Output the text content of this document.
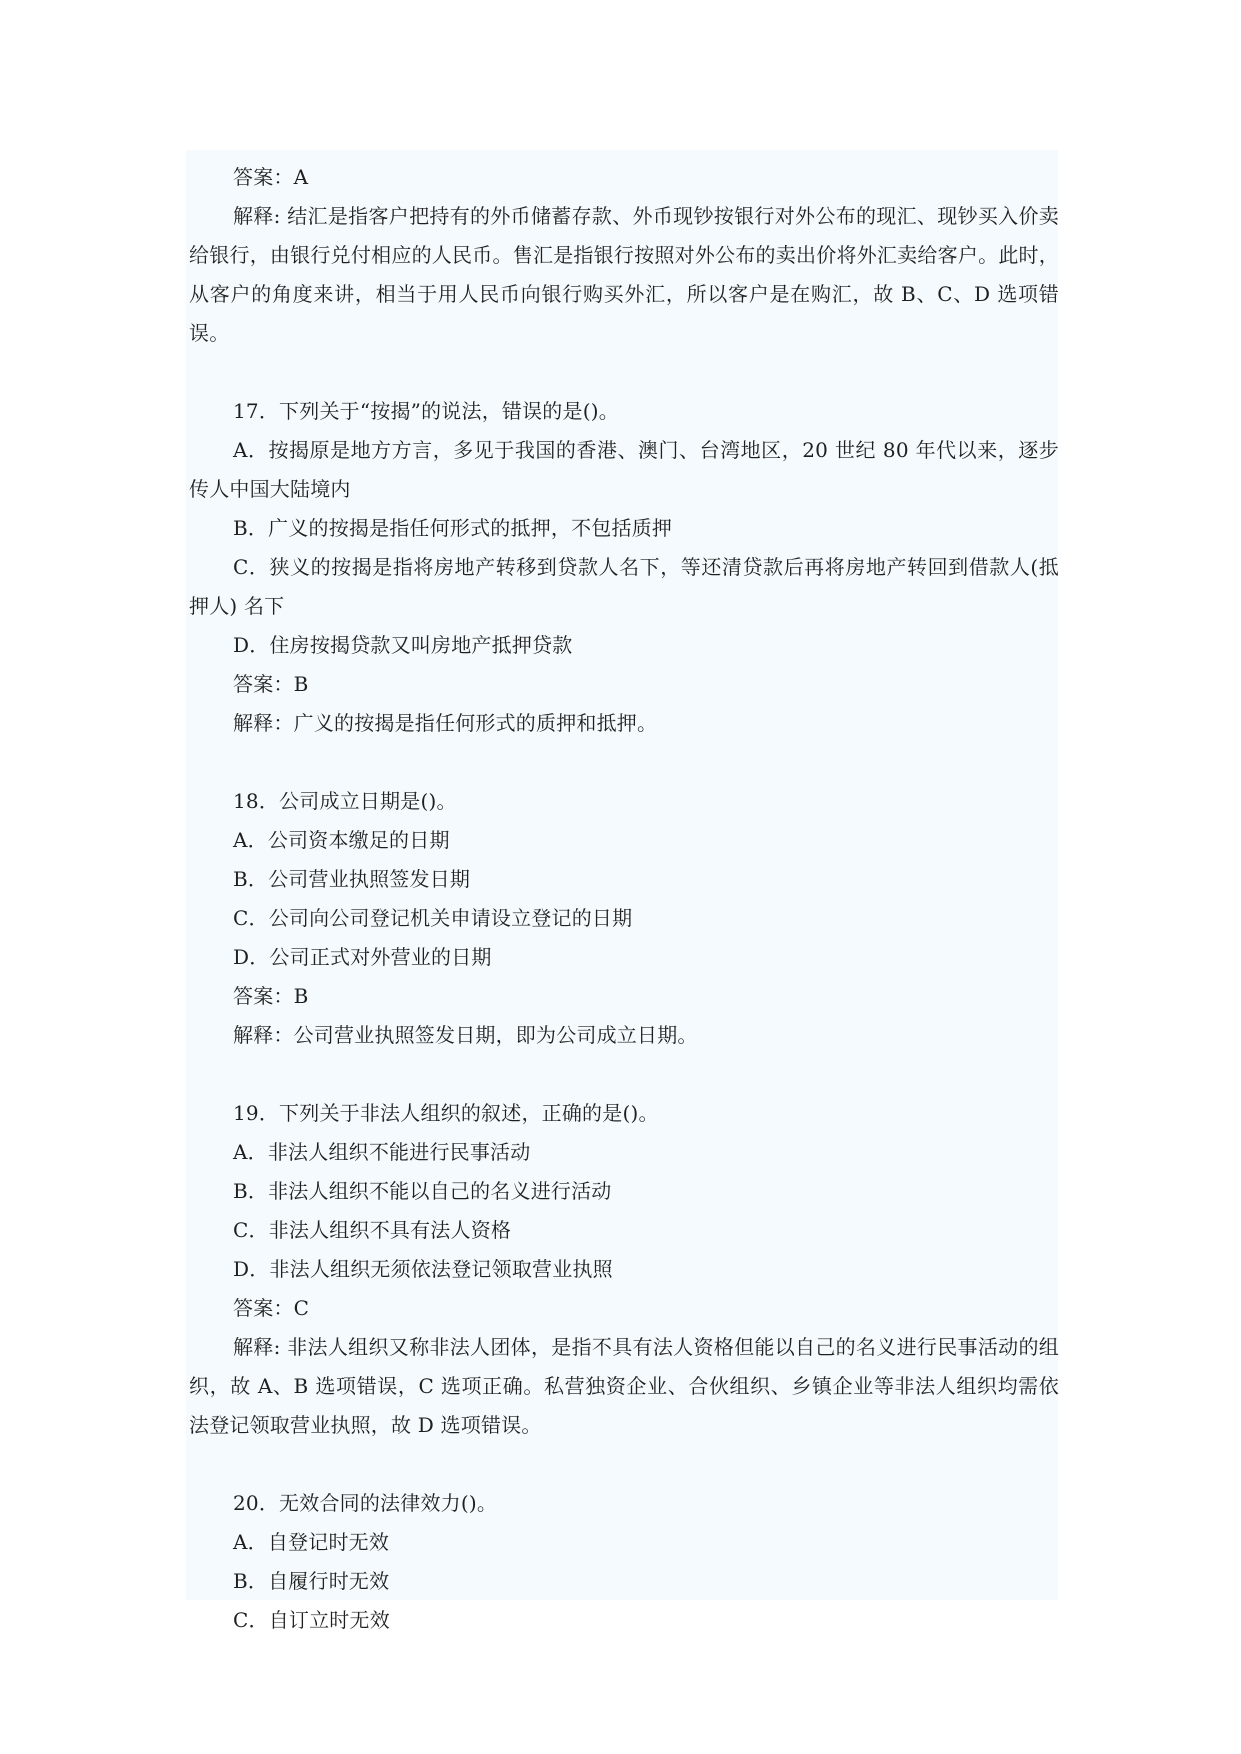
答案：A

解释: 结汇是指客户把持有的外币储蓄存款、外币现钞按银行对外公布的现汇、现钞买入价卖给银行，由银行兑付相应的人民币。售汇是指银行按照对外公布的卖出价将外汇卖给客户。此时，从客户的角度来讲，相当于用人民币向银行购买外汇，所以客户是在购汇，故 B、C、D 选项错误。

17．下列关于“按揭”的说法，错误的是()。

A．按揭原是地方方言，多见于我国的香港、澳门、台湾地区，20 世纪 80 年代以来，逐步传人中国大陆境内

B．广义的按揭是指任何形式的抵押，不包括质押

C．狭义的按揭是指将房地产转移到贷款人名下，等还清贷款后再将房地产转回到借款人(抵押人) 名下

D．住房按揭贷款又叫房地产抵押贷款

答案：B

解释：广义的按揭是指任何形式的质押和抵押。

18．公司成立日期是()。

A．公司资本缴足的日期

B．公司营业执照签发日期

C．公司向公司登记机关申请设立登记的日期

D．公司正式对外营业的日期

答案：B

解释：公司营业执照签发日期，即为公司成立日期。

19．下列关于非法人组织的叙述，正确的是()。

A．非法人组织不能进行民事活动

B．非法人组织不能以自己的名义进行活动

C．非法人组织不具有法人资格

D．非法人组织无须依法登记领取营业执照

答案：C

解释: 非法人组织又称非法人团体，是指不具有法人资格但能以自己的名义进行民事活动的组织，故 A、B 选项错误，C 选项正确。私营独资企业、合伙组织、乡镇企业等非法人组织均需依法登记领取营业执照，故 D 选项错误。

20．无效合同的法律效力()。

A．自登记时无效

B．自履行时无效

C．自订立时无效
